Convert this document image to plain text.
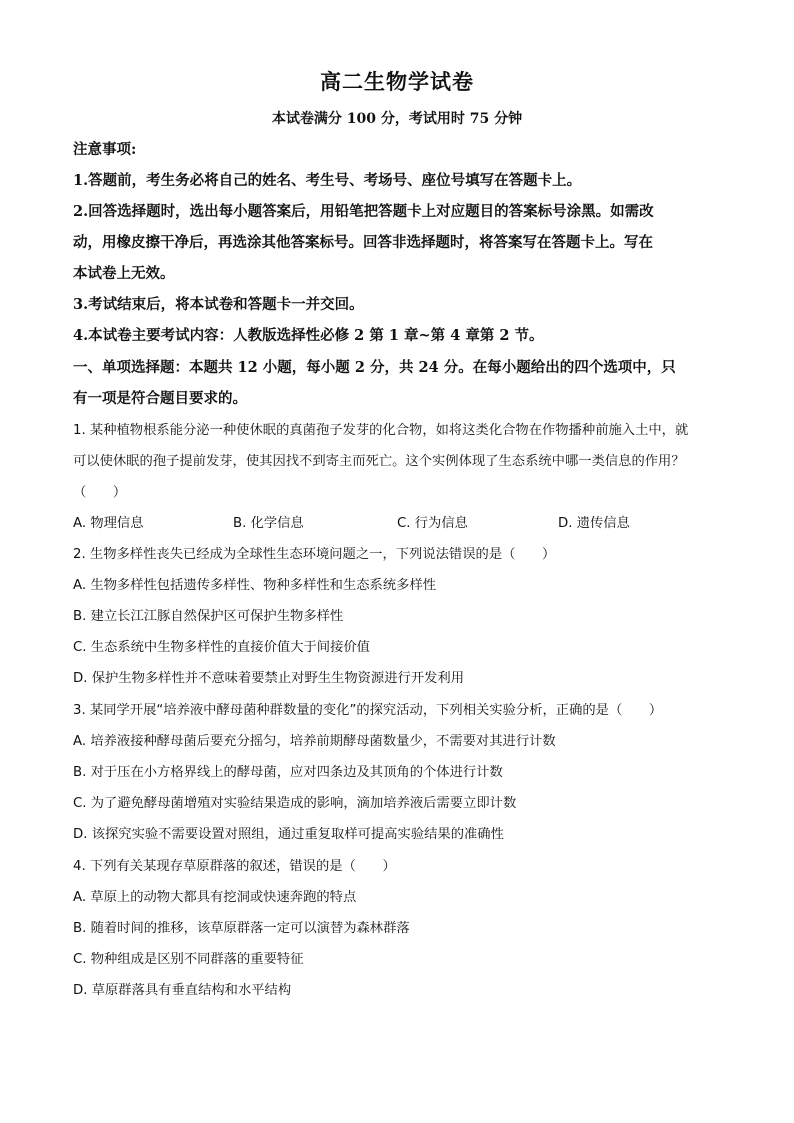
高二生物学试卷
本试卷满分 100 分，考试用时 75 分钟
注意事项:
1.答题前，考生务必将自己的姓名、考生号、考场号、座位号填写在答题卡上。
2.回答选择题时，选出每小题答案后，用铅笔把答题卡上对应题目的答案标号涂黑。如需改
动，用橡皮擦干净后，再选涂其他答案标号。回答非选择题时，将答案写在答题卡上。写在
本试卷上无效。
3.考试结束后，将本试卷和答题卡一并交回。
4.本试卷主要考试内容：人教版选择性必修 2 第 1 章~第 4 章第 2 节。
一、单项选择题：本题共 12 小题，每小题 2 分，共 24 分。在每小题给出的四个选项中，只
有一项是符合题目要求的。
1. 某种植物根系能分泌一种使休眠的真菌孢子发芽的化合物，如将这类化合物在作物播种前施入土中，就
可以使休眠的孢子提前发芽，使其因找不到寄主而死亡。这个实例体现了生态系统中哪一类信息的作用？
（　　）
A. 物理信息	B. 化学信息	C. 行为信息	D. 遗传信息
2. 生物多样性丧失已经成为全球性生态环境问题之一，下列说法错误的是（　　）
A. 生物多样性包括遗传多样性、物种多样性和生态系统多样性
B. 建立长江江豚自然保护区可保护生物多样性
C. 生态系统中生物多样性的直接价值大于间接价值
D. 保护生物多样性并不意味着要禁止对野生生物资源进行开发利用
3. 某同学开展“培养液中酵母菌种群数量的变化”的探究活动，下列相关实验分析，正确的是（　　）
A. 培养液接种酵母菌后要充分摇匀，培养前期酵母菌数量少，不需要对其进行计数
B. 对于压在小方格界线上的酵母菌，应对四条边及其顶角的个体进行计数
C. 为了避免酵母菌增殖对实验结果造成的影响，滴加培养液后需要立即计数
D. 该探究实验不需要设置对照组，通过重复取样可提高实验结果的准确性
4. 下列有关某现存草原群落的叙述，错误的是（　　）
A. 草原上的动物大都具有挖洞或快速奔跑的特点
B. 随着时间的推移，该草原群落一定可以演替为森林群落
C. 物种组成是区别不同群落的重要特征
D. 草原群落具有垂直结构和水平结构
